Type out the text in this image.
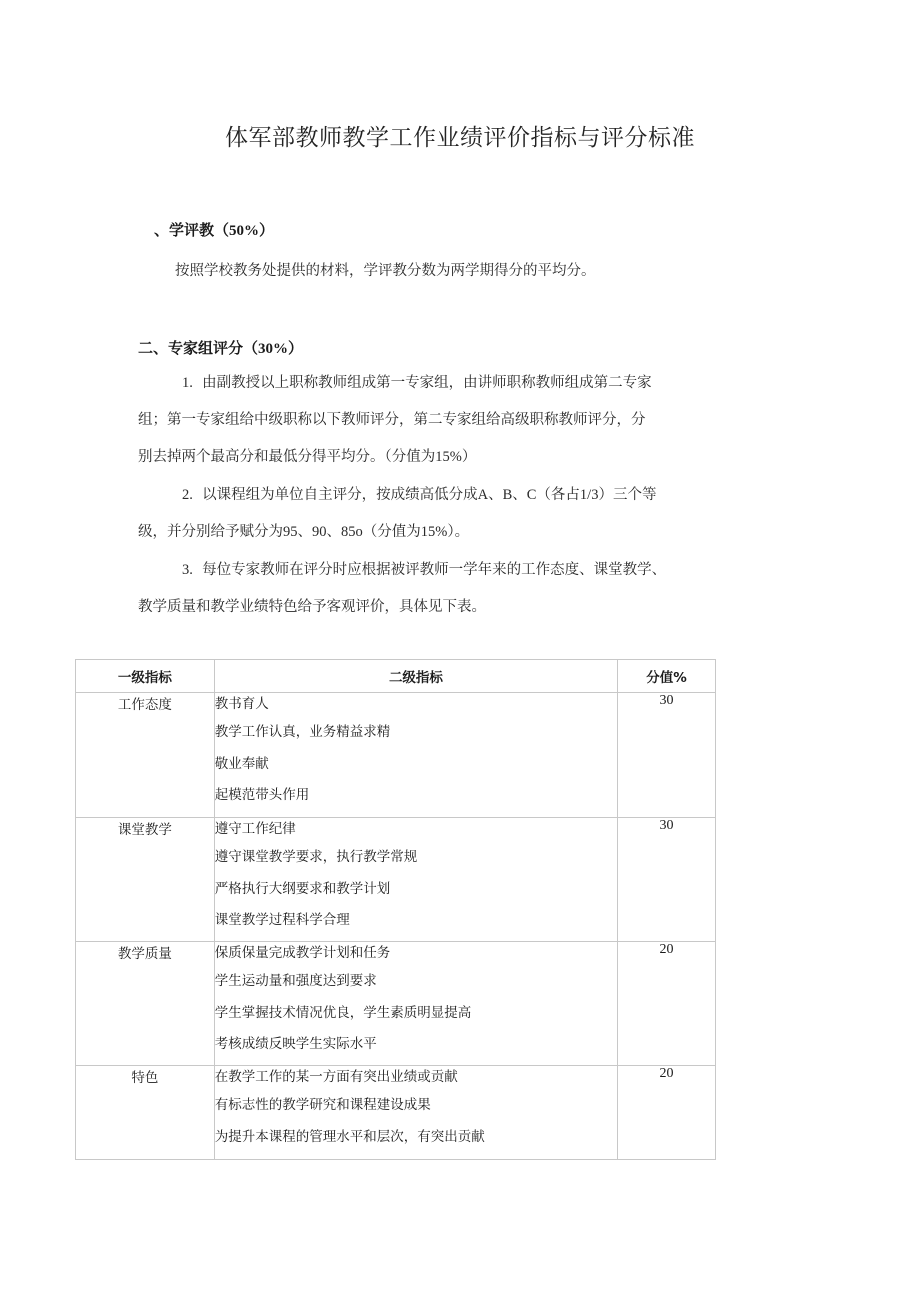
体军部教师教学工作业绩评价指标与评分标准
、学评教（50%）
按照学校教务处提供的材料，学评教分数为两学期得分的平均分。
二、专家组评分（30%）
1. 由副教授以上职称教师组成第一专家组，由讲师职称教师组成第二专家
组；第一专家组给中级职称以下教师评分，第二专家组给高级职称教师评分，分
别去掉两个最高分和最低分得平均分。（分值为15%）
2. 以课程组为单位自主评分，按成绩高低分成A、B、C（各占1/3）三个等
级，并分别给予赋分为95、90、85o（分值为15%）。
3. 每位专家教师在评分时应根据被评教师一学年来的工作态度、课堂教学、
教学质量和教学业绩特色给予客观评价，具体见下表。
一级指标	二级指标	分值%
工作态度	教书育人
教学工作认真，业务精益求精
敬业奉献
起模范带头作用	30
课堂教学	遵守工作纪律
遵守课堂教学要求，执行教学常规
严格执行大纲要求和教学计划
课堂教学过程科学合理	30
教学质量	保质保量完成教学计划和任务
学生运动量和强度达到要求
学生掌握技术情况优良，学生素质明显提高
考核成绩反映学生实际水平	20
特色	在教学工作的某一方面有突出业绩或贡献
有标志性的教学研究和课程建设成果
为提升本课程的管理水平和层次，有突出贡献	20
